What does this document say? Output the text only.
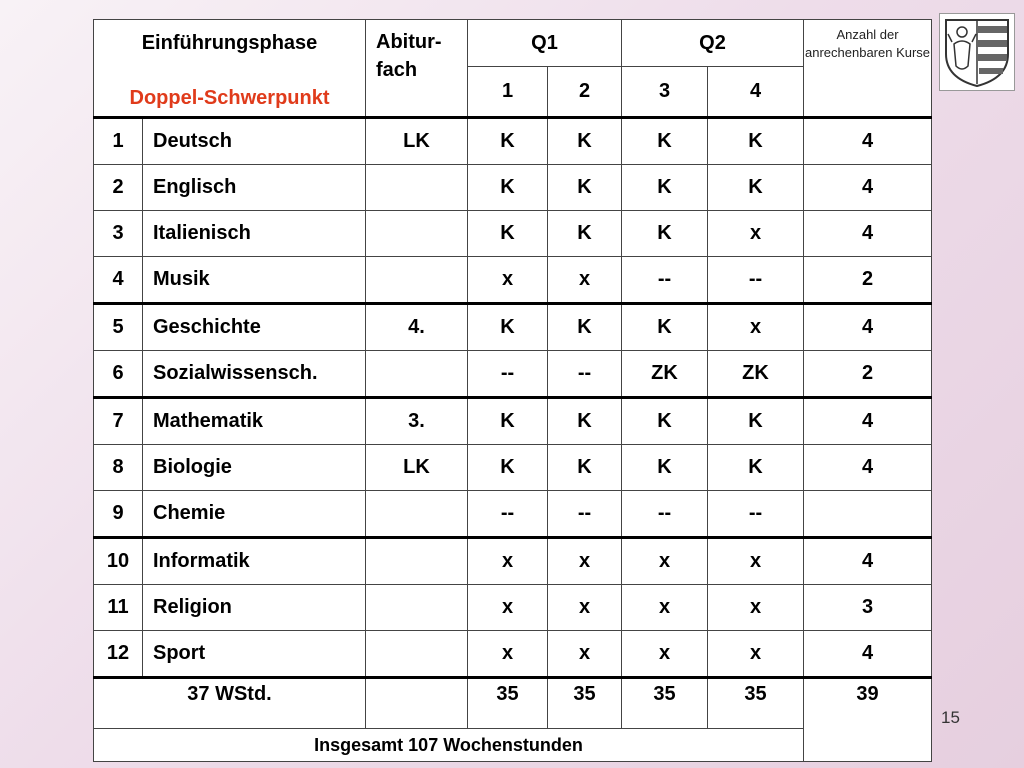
Einführungsphase
Doppel-Schwerpunkt		Abitur-
fach	Q1		Q2		Anzahl der anrechenbaren Kurse

			1	2	3	4	
1	Deutsch	LK	K	K	K	K	4
2	Englisch		K	K	K	K	4
3	Italienisch		K	K	K	x	4
4	Musik		x	x	--	--	2
5	Geschichte	4.	K	K	K	x	4
6	Sozialwissensch.		--	--	ZK	ZK	2
7	Mathematik	3.	K	K	K	K	4
8	Biologie	LK	K	K	K	K	4
9	Chemie		--	--	--	--	
10	Informatik		x	x	x	x	4
11	Religion		x	x	x	x	3
12	Sport		x	x	x	x	4
37 WStd.			35	35	35	35	39
Insgesamt 107 Wochenstunden							
15
